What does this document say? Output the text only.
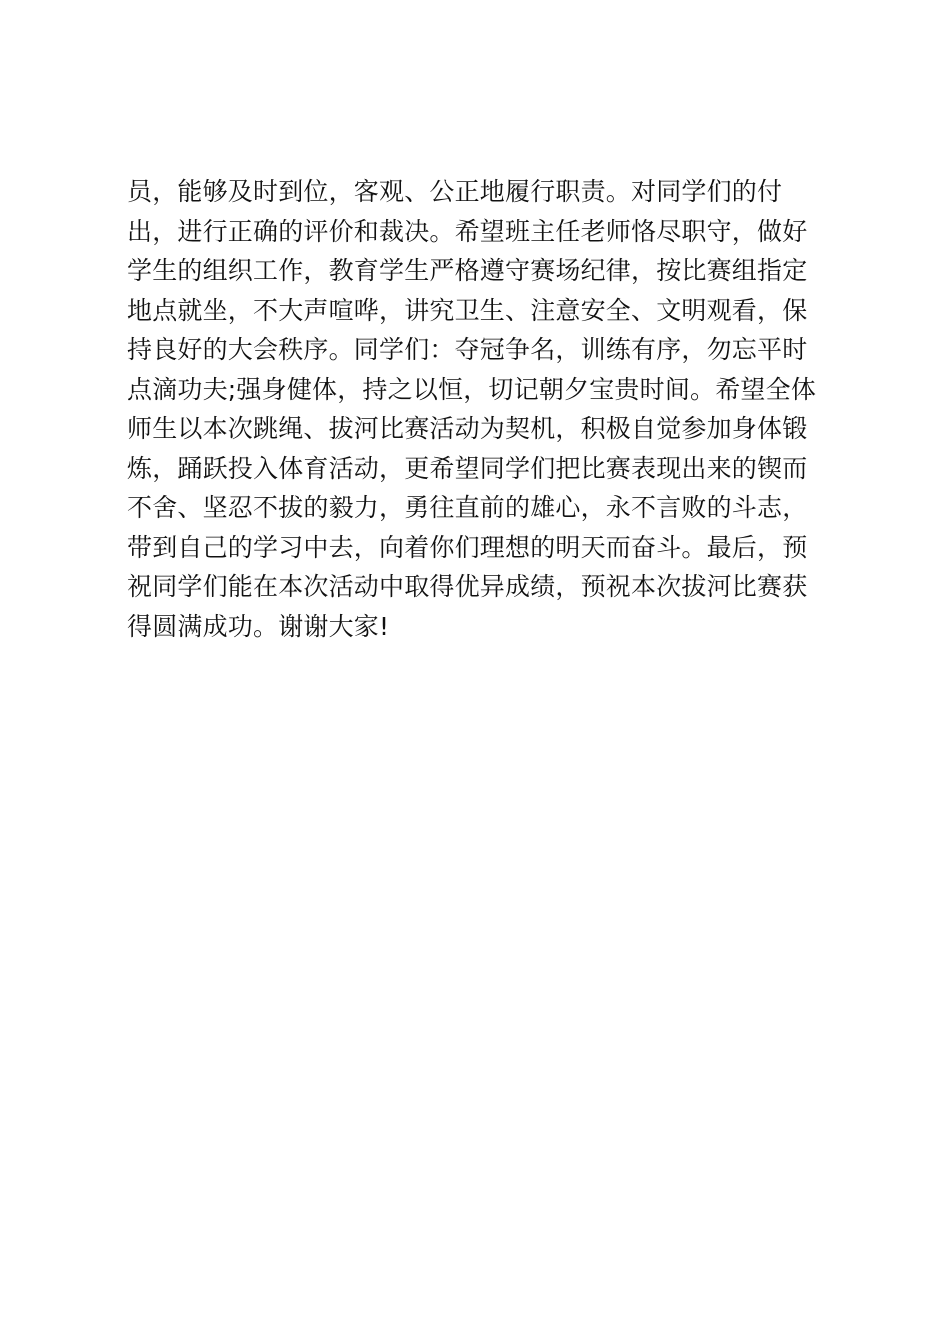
员，能够及时到位，客观、公正地履行职责。对同学们的付
出，进行正确的评价和裁决。希望班主任老师恪尽职守，做好
学生的组织工作，教育学生严格遵守赛场纪律，按比赛组指定
地点就坐，不大声喧哗，讲究卫生、注意安全、文明观看，保
持良好的大会秩序。同学们：夺冠争名，训练有序，勿忘平时
点滴功夫;强身健体，持之以恒，切记朝夕宝贵时间。希望全体
师生以本次跳绳、拔河比赛活动为契机，积极自觉参加身体锻
炼，踊跃投入体育活动，更希望同学们把比赛表现出来的锲而
不舍、坚忍不拔的毅力，勇往直前的雄心，永不言败的斗志，
带到自己的学习中去，向着你们理想的明天而奋斗。最后，预
祝同学们能在本次活动中取得优异成绩，预祝本次拔河比赛获
得圆满成功。谢谢大家!
